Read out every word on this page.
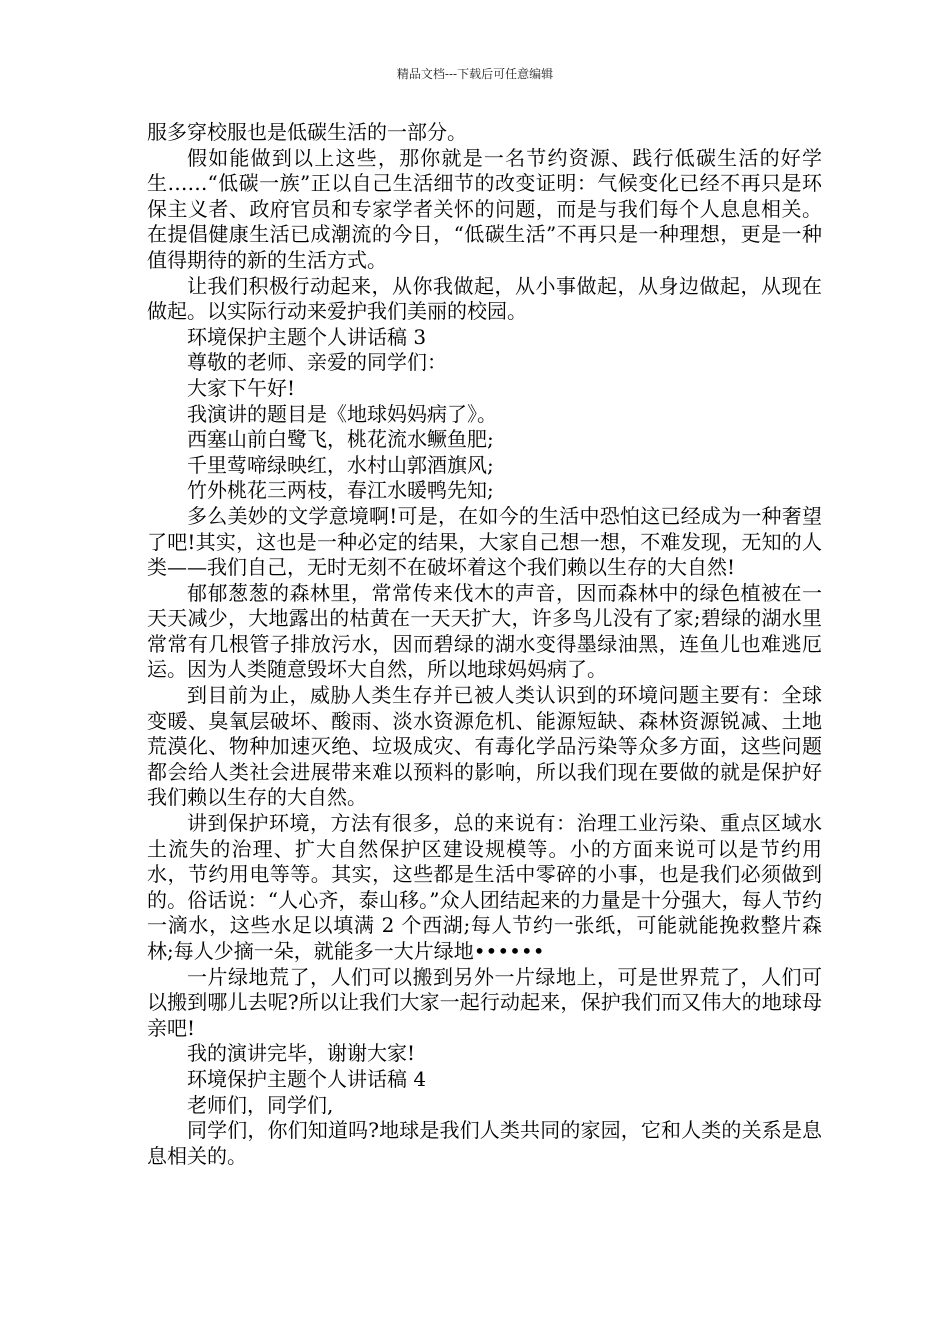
精品文档---下载后可任意编辑

服多穿校服也是低碳生活的一部分。

假如能做到以上这些，那你就是一名节约资源、践行低碳生活的好学生……“低碳一族”正以自己生活细节的改变证明：气候变化已经不再只是环保主义者、政府官员和专家学者关怀的问题，而是与我们每个人息息相关。在提倡健康生活已成潮流的今日，“低碳生活”不再只是一种理想，更是一种值得期待的新的生活方式。

让我们积极行动起来，从你我做起，从小事做起，从身边做起，从现在做起。以实际行动来爱护我们美丽的校园。

环境保护主题个人讲话稿 3

尊敬的老师、亲爱的同学们：

大家下午好!

我演讲的题目是《地球妈妈病了》。

西塞山前白鹭飞，桃花流水鳜鱼肥;

千里莺啼绿映红，水村山郭酒旗风;

竹外桃花三两枝，春江水暖鸭先知;

多么美妙的文学意境啊!可是，在如今的生活中恐怕这已经成为一种奢望了吧!其实，这也是一种必定的结果，大家自己想一想，不难发现，无知的人类——我们自己，无时无刻不在破坏着这个我们赖以生存的大自然!

郁郁葱葱的森林里，常常传来伐木的声音，因而森林中的绿色植被在一天天减少，大地露出的枯黄在一天天扩大，许多鸟儿没有了家;碧绿的湖水里常常有几根管子排放污水，因而碧绿的湖水变得墨绿油黑，连鱼儿也难逃厄运。因为人类随意毁坏大自然，所以地球妈妈病了。

到目前为止，威胁人类生存并已被人类认识到的环境问题主要有：全球变暖、臭氧层破坏、酸雨、淡水资源危机、能源短缺、森林资源锐减、土地荒漠化、物种加速灭绝、垃圾成灾、有毒化学品污染等众多方面，这些问题都会给人类社会进展带来难以预料的影响，所以我们现在要做的就是保护好我们赖以生存的大自然。

讲到保护环境，方法有很多，总的来说有：治理工业污染、重点区域水土流失的治理、扩大自然保护区建设规模等。小的方面来说可以是节约用水，节约用电等等。其实，这些都是生活中零碎的小事，也是我们必须做到的。俗话说：“人心齐，泰山移。”众人团结起来的力量是十分强大，每人节约一滴水，这些水足以填满 2 个西湖;每人节约一张纸，可能就能挽救整片森林;每人少摘一朵，就能多一大片绿地••••••

一片绿地荒了，人们可以搬到另外一片绿地上，可是世界荒了，人们可以搬到哪儿去呢?所以让我们大家一起行动起来，保护我们而又伟大的地球母亲吧!

我的演讲完毕，谢谢大家!

环境保护主题个人讲话稿 4

老师们，同学们,

同学们，你们知道吗?地球是我们人类共同的家园，它和人类的关系是息息相关的。
